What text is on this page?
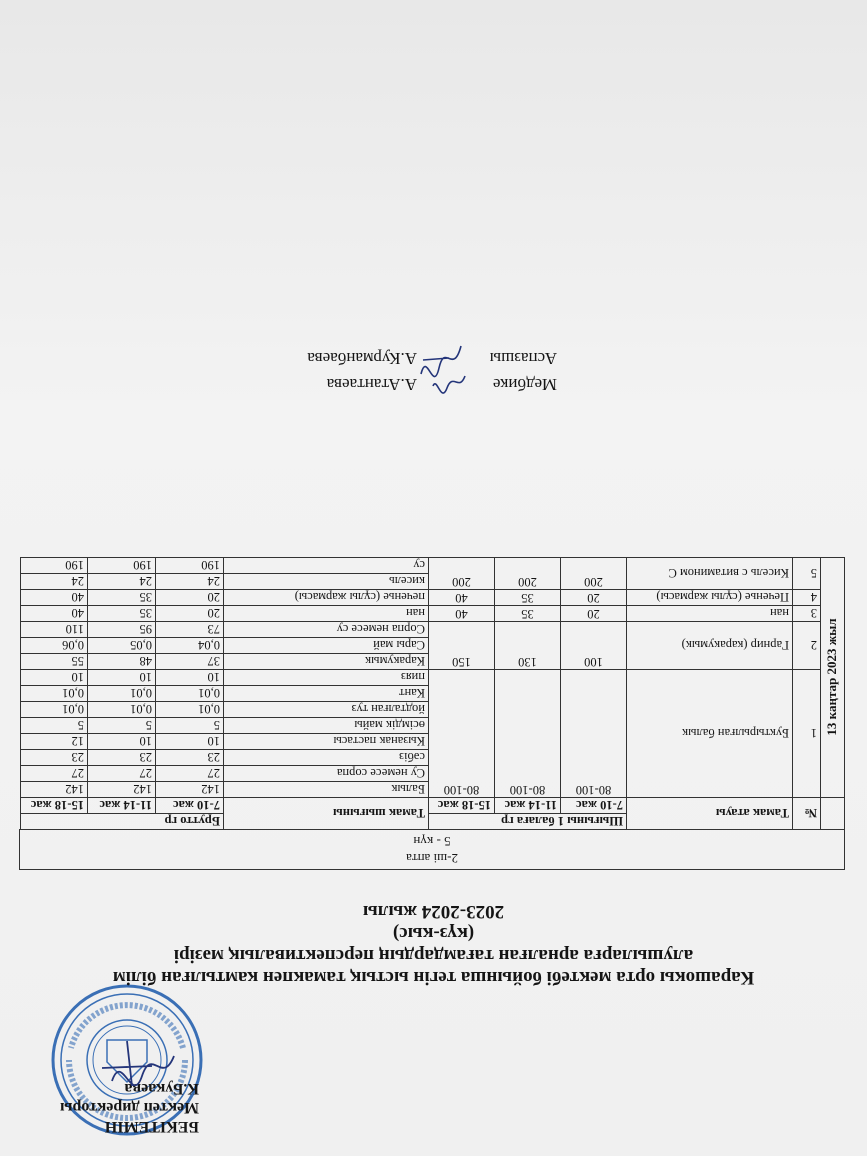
БЕКІТЕМІН
Мектеп директоры
К.Букаева
Карашокы орта мектебі бойынша тегін ыстық тамакпен камтылған білім
алушыларға арналған тағамдардың перспективалық мәзірі
(күз-кыс)
2023-2024 жылы
2-ші апта
5 - күн
	№	Тамак атауы	Шығыны 1 балаға гр			Тамак шығыны	Брутто гр		
			7-10 жас	11-14 жас	15-18 жас		7-10 жас	11-14 жас	15-18 жас

13 каңтар 2023 жыл	1	Буктырылған балык	80-100	80-100	80-100	Балык	142	142	142
						Су немесе сорпа	27	27	27
						сәбіз	23	23	23
						Кызанак пастасы	10	10	12
						өсімдік майы	5	5	5
						йодталған туз	0,01	0,01	0,01
						Кант	0,01	0,01	0,01
						пияз	10	10	10
	2	Гарнир (каракумык)	100	130	150	Каракумык	37	48	55
						Сары май	0,04	0,05	0,06
						Сорпа немесе су	73	95	110
	3	нан	20	35	40	нан	20	35	40
	4	Печенье (сұлы жармасы)	20	35	40	печенье (сұлы жармасы)	20	35	40
	5	Кисель с витамином С	200	200	200	кисель	24	24	24
						су	190	190	190
Медбике
А.Атантаева
Аспазшы
А.Курманбаева
